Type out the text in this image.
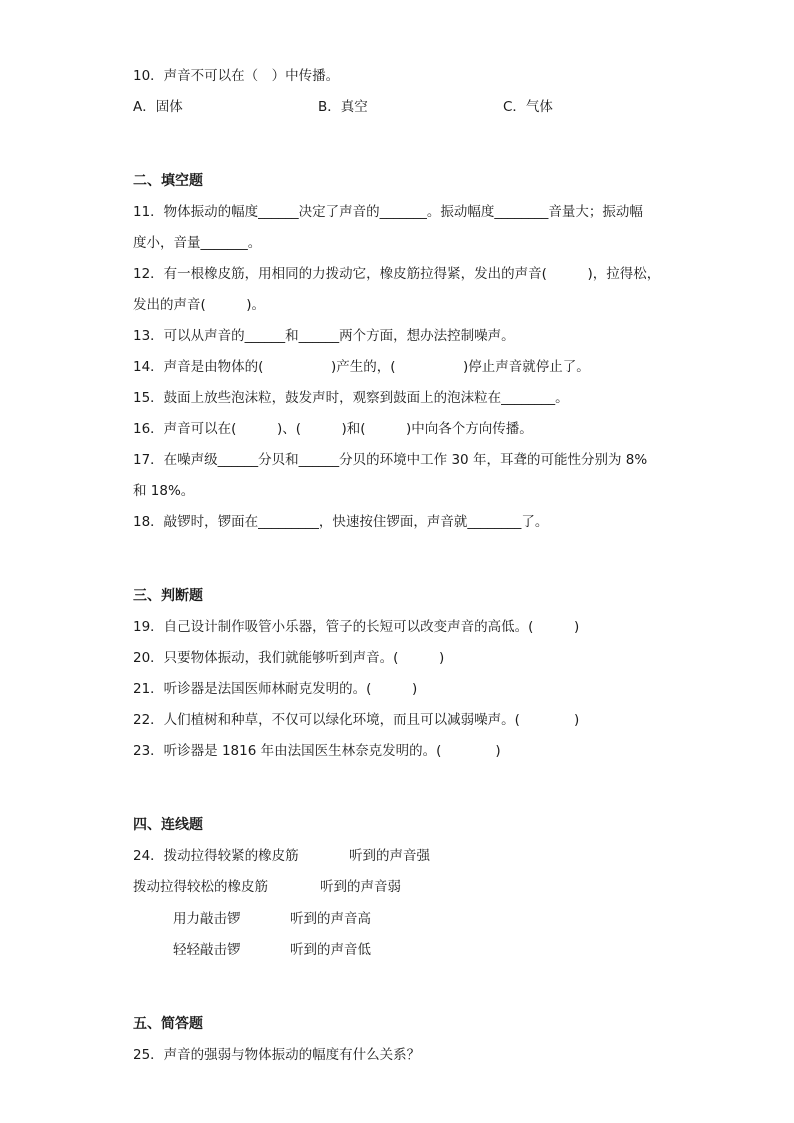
10．声音不可以在（　）中传播。
A．固体	B．真空	C．气体
二、填空题
11．物体振动的幅度______决定了声音的_______。振动幅度________音量大；振动幅
度小，音量_______。
12．有一根橡皮筋，用相同的力拨动它，橡皮筋拉得紧，发出的声音(　　　)，拉得松，
发出的声音(　　　)。
13．可以从声音的______和______两个方面，想办法控制噪声。
14．声音是由物体的(　　　　　)产生的，(　　　　　)停止声音就停止了。
15．鼓面上放些泡沫粒，鼓发声时，观察到鼓面上的泡沫粒在________。
16．声音可以在(　　　)、(　　　)和(　　　)中向各个方向传播。
17．在噪声级______分贝和______分贝的环境中工作 30 年，耳聋的可能性分别为 8%
和 18%。
18．敲锣时，锣面在_________，快速按住锣面，声音就________了。
三、判断题
19．自己设计制作吸管小乐器，管子的长短可以改变声音的高低。(　　　)
20．只要物体振动，我们就能够听到声音。(　　　)
21．听诊器是法国医师林耐克发明的。(　　　)
22．人们植树和种草，不仅可以绿化环境，而且可以减弱噪声。(　　　　)
23．听诊器是 1816 年由法国医生林奈克发明的。(　　　　)
四、连线题
24．拨动拉得较紧的橡皮筋	听到的声音强
拨动拉得较松的橡皮筋	听到的声音弱
用力敲击锣	听到的声音高
轻轻敲击锣	听到的声音低
五、简答题
25．声音的强弱与物体振动的幅度有什么关系？
